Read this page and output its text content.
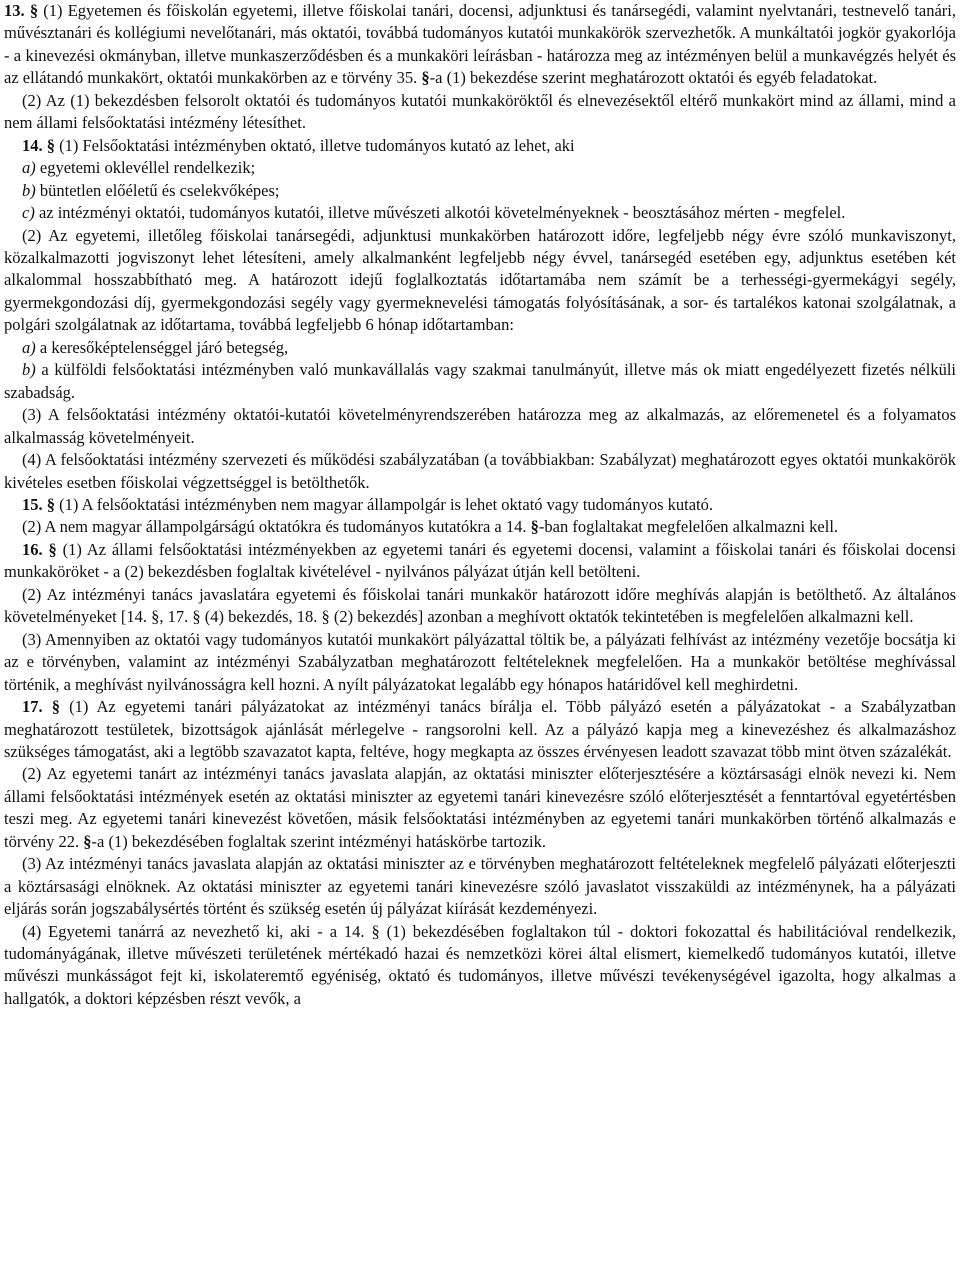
13. § (1) Egyetemen és főiskolán egyetemi, illetve főiskolai tanári, docensi, adjunktusi és tanársegédi, valamint nyelvtanári, testnevelő tanári, művésztanári és kollégiumi nevelőtanári, más oktatói, továbbá tudományos kutatói munkakörök szervezhetők. A munkáltatói jogkör gyakorlója - a kinevezési okmányban, illetve munkaszerződésben és a munkaköri leírásban - határozza meg az intézményen belül a munkavégzés helyét és az ellátandó munkakört, oktatói munkakörben az e törvény 35. §-a (1) bekezdése szerint meghatározott oktatói és egyéb feladatokat.

(2) Az (1) bekezdésben felsorolt oktatói és tudományos kutatói munkaköröktől és elnevezésektől eltérő munkakört mind az állami, mind a nem állami felsőoktatási intézmény létesíthet.

14. § (1) Felsőoktatási intézményben oktató, illetve tudományos kutató az lehet, aki

a) egyetemi oklevéllel rendelkezik;

b) büntetlen előéletű és cselekvőképes;

c) az intézményi oktatói, tudományos kutatói, illetve művészeti alkotói követelményeknek - beosztásához mérten - megfelel.

(2) Az egyetemi, illetőleg főiskolai tanársegédi, adjunktusi munkakörben határozott időre, legfeljebb négy évre szóló munkaviszonyt, közalkalmazotti jogviszonyt lehet létesíteni, amely alkalmanként legfeljebb négy évvel, tanársegéd esetében egy, adjunktus esetében két alkalommal hosszabbítható meg. A határozott idejű foglalkoztatás időtartamába nem számít be a terhességi-gyermekágyi segély, gyermekgondozási díj, gyermekgondozási segély vagy gyermeknevelési támogatás folyósításának, a sor- és tartalékos katonai szolgálatnak, a polgári szolgálatnak az időtartama, továbbá legfeljebb 6 hónap időtartamban:

a) a keresőképtelenséggel járó betegség,

b) a külföldi felsőoktatási intézményben való munkavállalás vagy szakmai tanulmányút, illetve más ok miatt engedélyezett fizetés nélküli szabadság.

(3) A felsőoktatási intézmény oktatói-kutatói követelményrendszerében határozza meg az alkalmazás, az előremenetel és a folyamatos alkalmasság követelményeit.

(4) A felsőoktatási intézmény szervezeti és működési szabályzatában (a továbbiakban: Szabályzat) meghatározott egyes oktatói munkakörök kivételes esetben főiskolai végzettséggel is betölthetők.

15. § (1) A felsőoktatási intézményben nem magyar állampolgár is lehet oktató vagy tudományos kutató.

(2) A nem magyar állampolgárságú oktatókra és tudományos kutatókra a 14. §-ban foglaltakat megfelelően alkalmazni kell.

16. § (1) Az állami felsőoktatási intézményekben az egyetemi tanári és egyetemi docensi, valamint a főiskolai tanári és főiskolai docensi munkaköröket - a (2) bekezdésben foglaltak kivételével - nyilvános pályázat útján kell betölteni.

(2) Az intézményi tanács javaslatára egyetemi és főiskolai tanári munkakör határozott időre meghívás alapján is betölthető. Az általános követelményeket [14. §, 17. § (4) bekezdés, 18. § (2) bekezdés] azonban a meghívott oktatók tekintetében is megfelelően alkalmazni kell.

(3) Amennyiben az oktatói vagy tudományos kutatói munkakört pályázattal töltik be, a pályázati felhívást az intézmény vezetője bocsátja ki az e törvényben, valamint az intézményi Szabályzatban meghatározott feltételeknek megfelelően. Ha a munkakör betöltése meghívással történik, a meghívást nyilvánosságra kell hozni. A nyílt pályázatokat legalább egy hónapos határidővel kell meghirdetni.

17. § (1) Az egyetemi tanári pályázatokat az intézményi tanács bírálja el. Több pályázó esetén a pályázatokat - a Szabályzatban meghatározott testületek, bizottságok ajánlását mérlegelve - rangsorolni kell. Az a pályázó kapja meg a kinevezéshez és alkalmazáshoz szükséges támogatást, aki a legtöbb szavazatot kapta, feltéve, hogy megkapta az összes érvényesen leadott szavazat több mint ötven százalékát.

(2) Az egyetemi tanárt az intézményi tanács javaslata alapján, az oktatási miniszter előterjesztésére a köztársasági elnök nevezi ki. Nem állami felsőoktatási intézmények esetén az oktatási miniszter az egyetemi tanári kinevezésre szóló előterjesztését a fenntartóval egyetértésben teszi meg. Az egyetemi tanári kinevezést követően, másik felsőoktatási intézményben az egyetemi tanári munkakörben történő alkalmazás e törvény 22. §-a (1) bekezdésében foglaltak szerint intézményi hatáskörbe tartozik.

(3) Az intézményi tanács javaslata alapján az oktatási miniszter az e törvényben meghatározott feltételeknek megfelelő pályázati előterjeszti a köztársasági elnöknek. Az oktatási miniszter az egyetemi tanári kinevezésre szóló javaslatot visszaküldi az intézménynek, ha a pályázati eljárás során jogszabálysértés történt és szükség esetén új pályázat kiírását kezdeményezi.

(4) Egyetemi tanárrá az nevezhető ki, aki - a 14. § (1) bekezdésében foglaltakon túl - doktori fokozattal és habilitációval rendelkezik, tudományágának, illetve művészeti területének mértékadó hazai és nemzetközi körei által elismert, kiemelkedő tudományos kutatói, illetve művészi munkásságot fejt ki, iskolateremtő egyéniség, oktató és tudományos, illetve művészi tevékenységével igazolta, hogy alkalmas a hallgatók, a doktori képzésben részt vevők, a
